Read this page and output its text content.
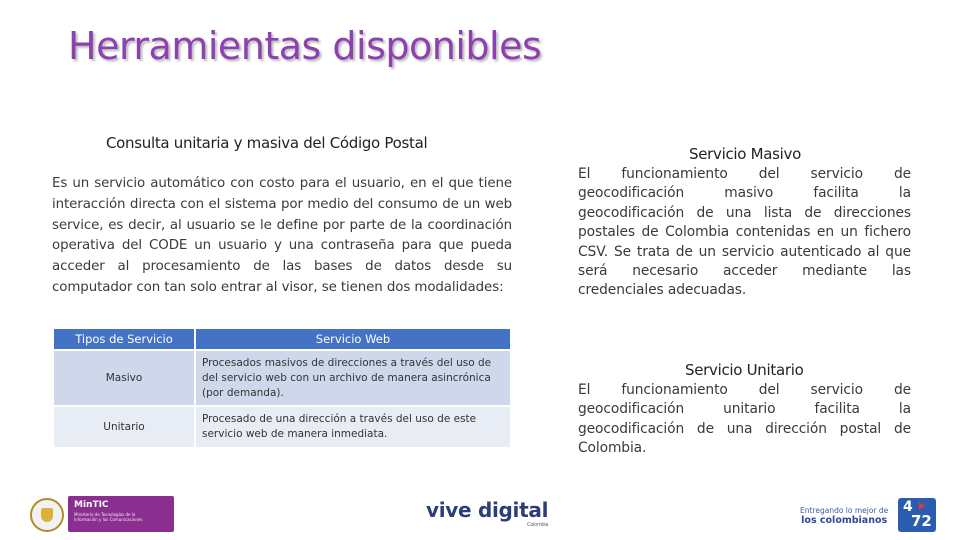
Herramientas disponibles
Consulta unitaria y masiva del Código Postal
Es un servicio automático con costo para el usuario, en el que tiene interacción directa con el sistema por medio del consumo de un web service, es decir, al usuario se le define por parte de la coordinación operativa del CODE un usuario y una contraseña para que pueda acceder al procesamiento de las bases de datos desde su computador con tan solo entrar al visor, se tienen dos modalidades:
Tipos de Servicio	Servicio Web
Masivo	Procesados masivos de direcciones a través del uso de del servicio web con un archivo de manera asincrónica (por demanda).
Unitario	Procesado de una dirección a través del uso de este servicio web de manera inmediata.
Servicio Masivo
El funcionamiento del servicio de geocodificación masivo facilita la geocodificación de una lista de direcciones postales de Colombia contenidas en un fichero CSV. Se trata de un servicio autenticado al que será necesario acceder mediante las credenciales adecuadas.
Servicio Unitario
El funcionamiento del servicio de geocodificación unitario facilita la geocodificación de una dirección postal de Colombia.
MinTIC
Ministerio de Tecnologías de la Información y las Comunicaciones	vive digital
Colombia
Entregando lo mejor de
los colombianos
4
72
